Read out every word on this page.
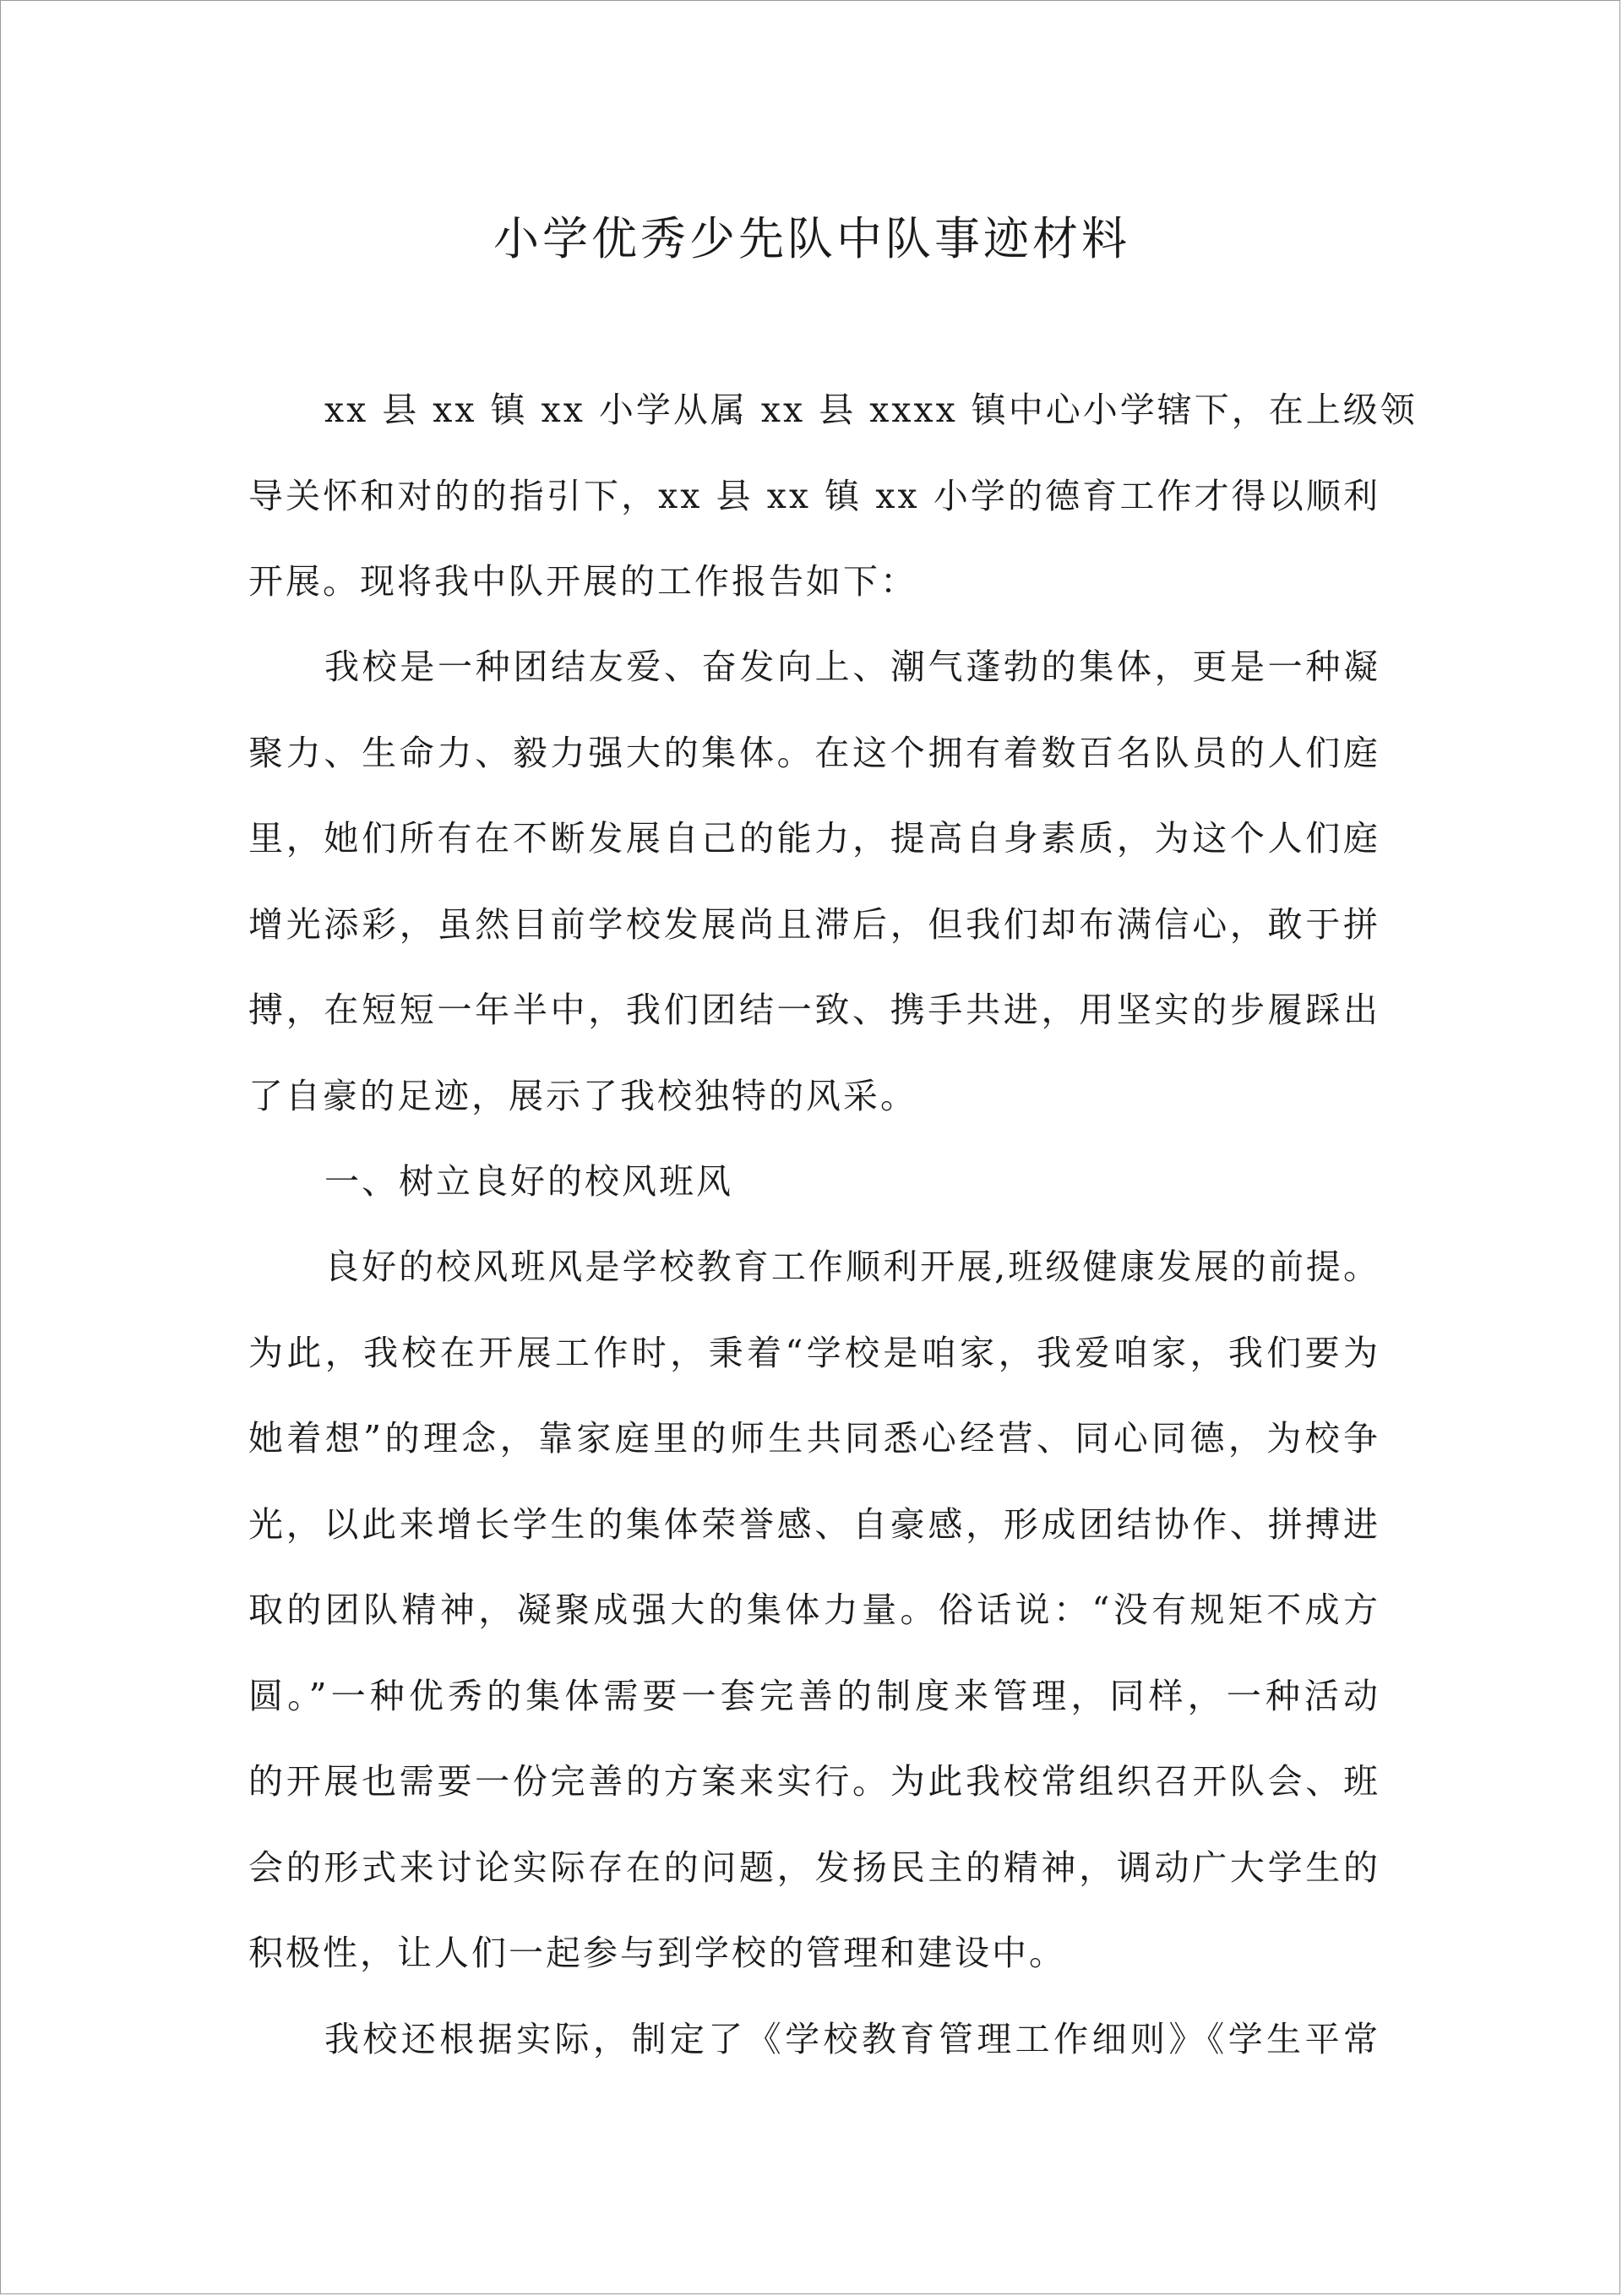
小学优秀少先队中队事迹材料
xx 县 xx 镇 xx 小学从属 xx 县 xxxx 镇中心小学辖下，在上级领
导关怀和对的的指引下，xx 县 xx 镇 xx 小学的德育工作才得以顺利
开展。现将我中队开展的工作报告如下：
我校是一种团结友爱、奋发向上、潮气蓬勃的集体，更是一种凝
聚力、生命力、毅力强大的集体。在这个拥有着数百名队员的人们庭
里，她们所有在不断发展自己的能力，提高自身素质，为这个人们庭
增光添彩，虽然目前学校发展尚且滞后，但我们却布满信心，敢于拼
搏，在短短一年半中，我们团结一致、携手共进，用坚实的步履踩出
了自豪的足迹，展示了我校独特的风采。
一、树立良好的校风班风
良好的校风班风是学校教育工作顺利开展,班级健康发展的前提。
为此，我校在开展工作时，秉着“学校是咱家，我爱咱家，我们要为
她着想”的理念，靠家庭里的师生共同悉心经营、同心同德，为校争
光，以此来增长学生的集体荣誉感、自豪感，形成团结协作、拼搏进
取的团队精神，凝聚成强大的集体力量。俗话说：“没有规矩不成方
圆。”一种优秀的集体需要一套完善的制度来管理，同样，一种活动
的开展也需要一份完善的方案来实行。为此我校常组织召开队会、班
会的形式来讨论实际存在的问题，发扬民主的精神，调动广大学生的
积极性，让人们一起参与到学校的管理和建设中。
我校还根据实际，制定了《学校教育管理工作细则》《学生平常
